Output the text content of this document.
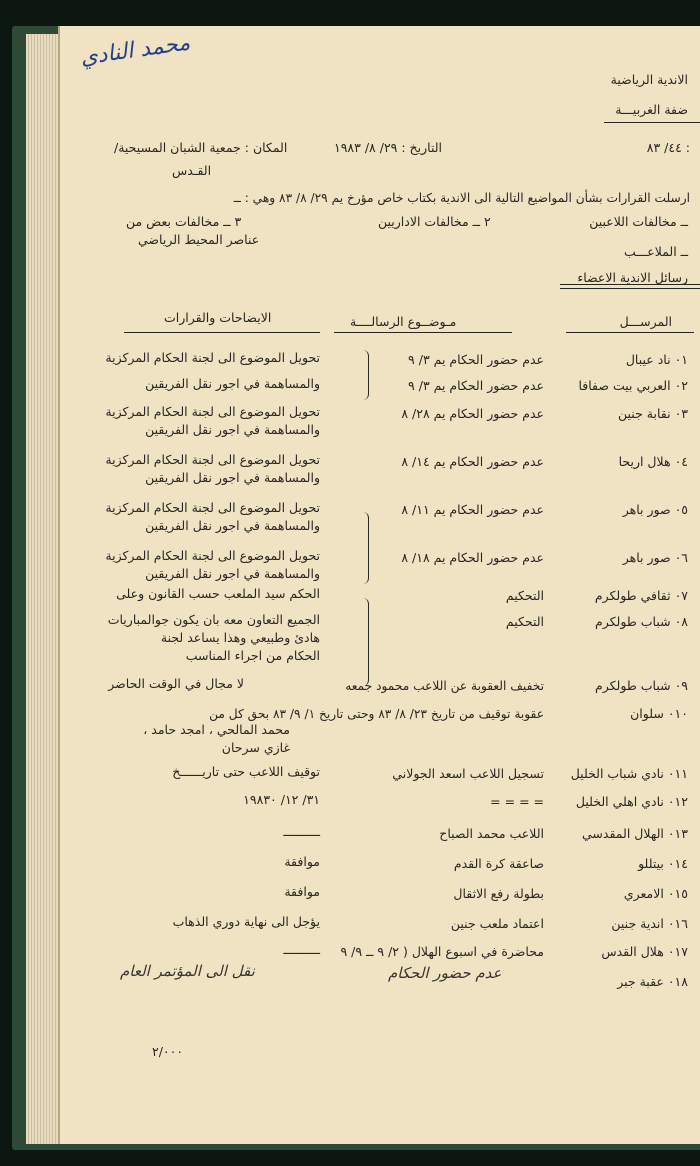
محمد النادي
الاندية الرياضية
ضفة الغربيـــة
: ٤٤/ ٨٣
التاريخ : ٢٩/ ٨/ ١٩٨٣
المكان : جمعية الشبان المسيحية/
القـدس
ارسلت القرارات بشأن المواضيع التالية الى الاندية بكتاب خاص مؤرخ يم ٢٩/ ٨/ ٨٣ وهي : ــ
ــ مخالفات اللاعبين
٢ ــ مخالفات الاداريين
٣ ــ مخالفات بعض من
عناصر المحيط الرياضي
ــ الملاعـــب
رسائل الاندية الاعضاء
المرســـل
مـوضــوع الرسالــــة
الايضاحات والقرارات
٠١ ناد عيبال
عدم حضور الحكام يم ٣/ ٩
تحويل الموضوع الى لجنة الحكام المركزية
٠٢ العربي بيت صفافا
عدم حضور الحكام يم ٣/ ٩
والمساهمة في اجور نقل الفريقين
٠٣ نقابة جنين
عدم حضور الحكام يم ٢٨/ ٨
تحويل الموضوع الى لجنة الحكام المركزية
والمساهمة في اجور نقل الفريقين
٠٤ هلال اريحا
عدم حضور الحكام يم ١٤/ ٨
تحويل الموضوع الى لجنة الحكام المركزية
والمساهمة في اجور نقل الفريقين
٠٥ صور باهر
عدم حضور الحكام يم ١١/ ٨
تحويل الموضوع الى لجنة الحكام المركزية
والمساهمة في اجور نقل الفريقين
٠٦ صور باهر
عدم حضور الحكام يم ١٨/ ٨
تحويل الموضوع الى لجنة الحكام المركزية
والمساهمة في اجور نقل الفريقين
٠٧ ثقافي طولكرم
التحكيم
الحكم سيد الملعب حسب القانون وعلى
٠٨ شباب طولكرم
التحكيم
الجميع التعاون معه بان يكون جوالمباريات
هادئ وطبيعي وهذا يساعد لجنة
الحكام من اجراء المناسب
٠٩ شباب طولكرم
تخفيف العقوبة عن اللاعب محمود جمعه
لا مجال في الوقت الحاضر
٠١٠ سلوان
عقوبة توقيف من تاريخ ٢٣/ ٨/ ٨٣ وحتى تاريخ ١/ ٩/ ٨٣ بحق كل من
محمد المالحي ، امجد حامد ،
غازي سرحان
٠١١ نادي شباب الخليل
تسجيل اللاعب اسعد الجولاني
توقيف اللاعب حتى تاريــــــخ
٠١٢ نادي اهلي الخليل
= = = =
٣١/ ١٢/ ١٩٨٣٠
٠١٣ الهلال المقدسي
اللاعب محمد الصباح
ــــــــــ
٠١٤ بيتللو
صاعقة كرة القدم
موافقة
٠١٥ الامعري
بطولة رفع الاثقال
موافقة
٠١٦ اندية جنين
اعتماد ملعب جنين
يؤجل الى نهاية دوري الذهاب
٠١٧ هلال القدس
محاضرة في اسبوع الهلال ( ٢/ ٩ ــ ٩/ ٩
ــــــــــ
٠١٨ عقبة جبر
عدم حضور الحكام
نقل الى المؤتمر العام
٢/٠٠٠
